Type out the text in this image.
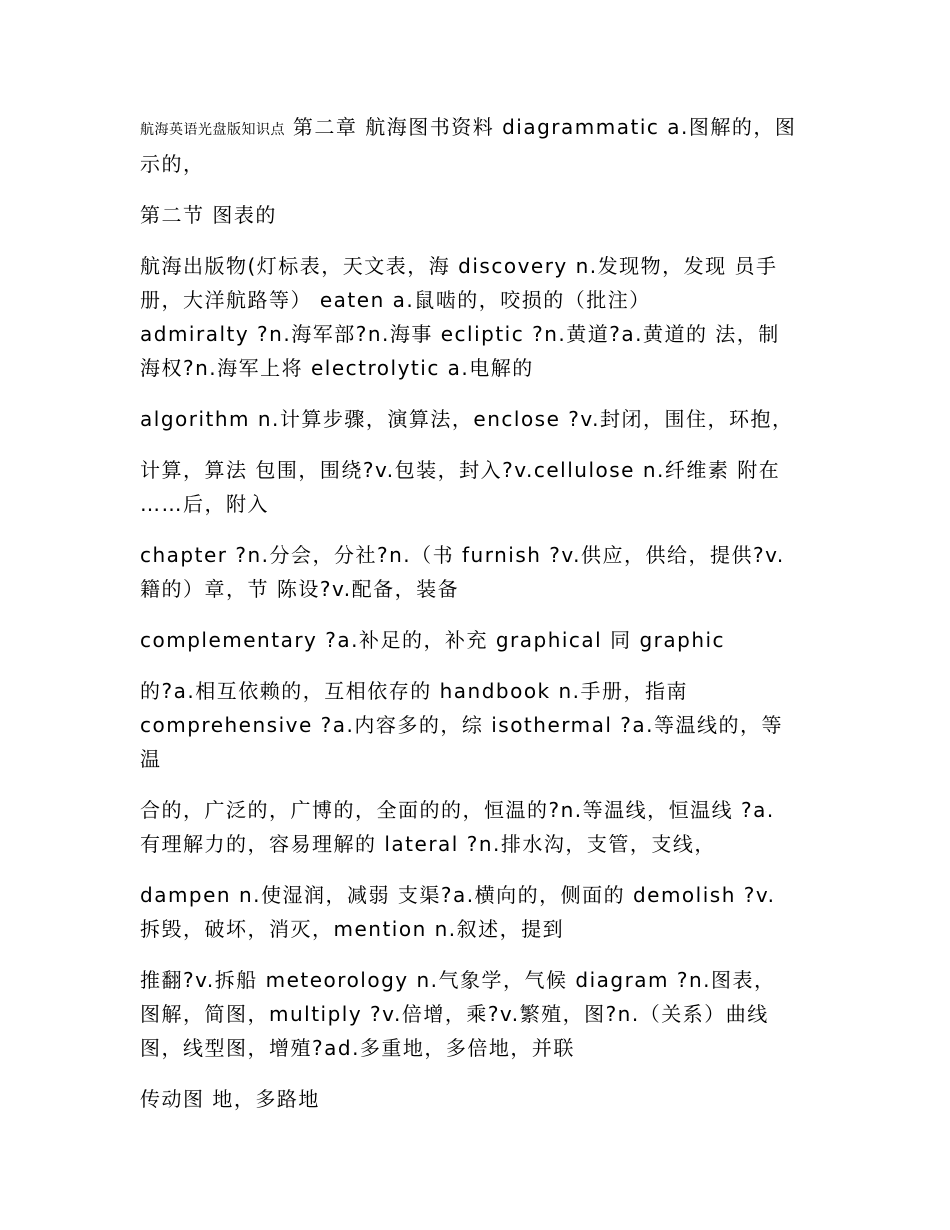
航海英语光盘版知识点 第二章 航海图书资料 diagrammatic a.图解的，图
示的，

第二节 图表的

航海出版物(灯标表，天文表，海 discovery n.发现物，发现 员手
册，大洋航路等） eaten a.鼠啮的，咬损的（批注）
admiralty ?n.海军部?n.海事 ecliptic ?n.黄道?a.黄道的 法，制
海权?n.海军上将 electrolytic a.电解的

algorithm n.计算步骤，演算法，enclose ?v.封闭，围住，环抱，

计算，算法 包围，围绕?v.包装，封入?v.cellulose n.纤维素 附在
……后，附入

chapter ?n.分会，分社?n.（书 furnish ?v.供应，供给，提供?v.
籍的）章，节 陈设?v.配备，装备

complementary ?a.补足的，补充 graphical 同 graphic

的?a.相互依赖的，互相依存的 handbook n.手册，指南
comprehensive ?a.内容多的，综 isothermal ?a.等温线的，等
温

合的，广泛的，广博的，全面的的，恒温的?n.等温线，恒温线 ?a.
有理解力的，容易理解的 lateral ?n.排水沟，支管，支线，

dampen n.使湿润，减弱 支渠?a.横向的，侧面的 demolish ?v.
拆毁，破坏，消灭，mention n.叙述，提到

推翻?v.拆船 meteorology n.气象学，气候 diagram ?n.图表，
图解，简图，multiply ?v.倍增，乘?v.繁殖，图?n.（关系）曲线
图，线型图，增殖?ad.多重地，多倍地，并联

传动图 地，多路地
